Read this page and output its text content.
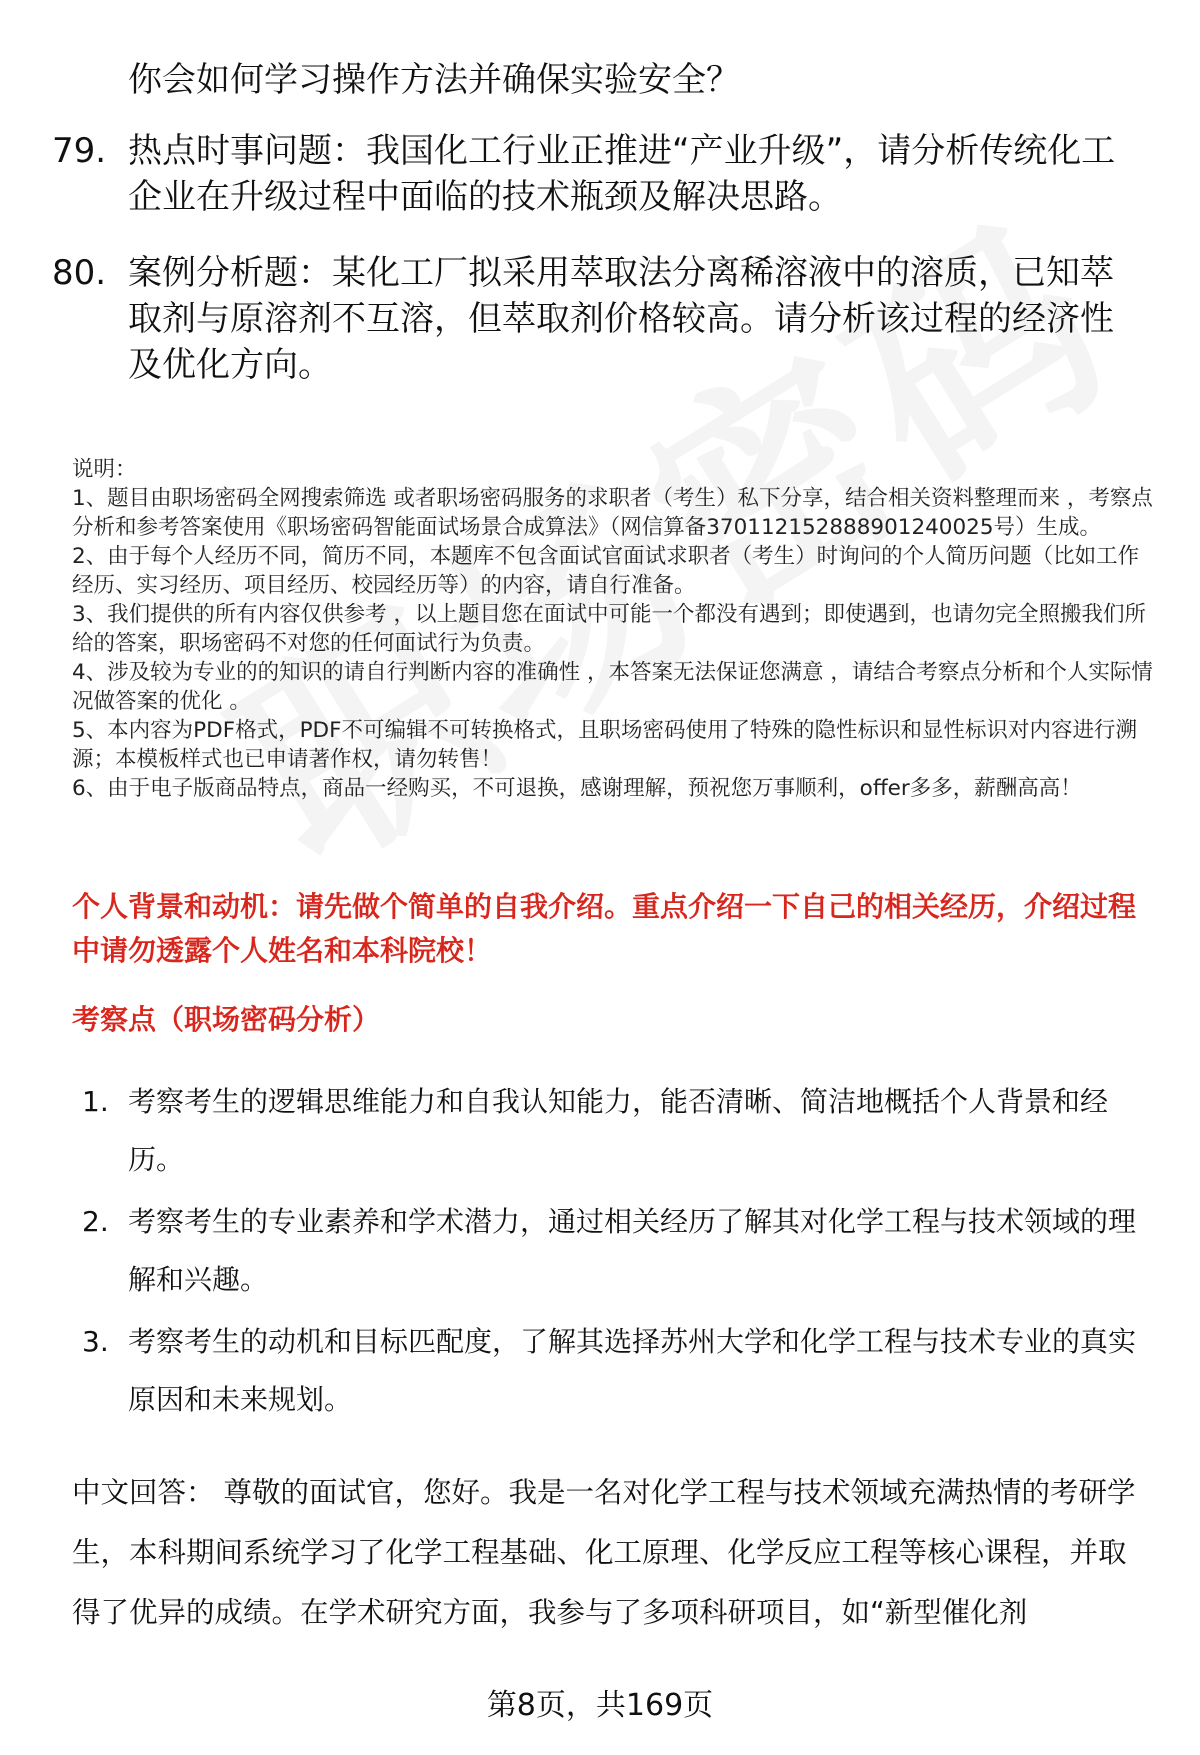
你会如何学习操作方法并确保实验安全？
79. 热点时事问题：我国化工行业正推进“产业升级”，请分析传统化工企业在升级过程中面临的技术瓶颈及解决思路。
80. 案例分析题：某化工厂拟采用萃取法分离稀溶液中的溶质，已知萃取剂与原溶剂不互溶，但萃取剂价格较高。请分析该过程的经济性及优化方向。

说明：

1、题目由职场密码全网搜索筛选 或者职场密码服务的求职者（考生）私下分享，结合相关资料整理而来 ，考察点分析和参考答案使用《职场密码智能面试场景合成算法》（网信算备370112152888901240025号）生成。

2、由于每个人经历不同，简历不同，本题库不包含面试官面试求职者（考生）时询问的个人简历问题（比如工作经历、实习经历、项目经历、校园经历等）的内容，请自行准备。

3、我们提供的所有内容仅供参考 ，以上题目您在面试中可能一个都没有遇到；即使遇到，也请勿完全照搬我们所给的答案，职场密码不对您的任何面试行为负责。

4、涉及较为专业的的知识的请自行判断内容的准确性 ，本答案无法保证您满意 ，请结合考察点分析和个人实际情况做答案的优化 。

5、本内容为PDF格式，PDF不可编辑不可转换格式，且职场密码使用了特殊的隐性标识和显性标识对内容进行溯源；本模板样式也已申请著作权，请勿转售！

6、由于电子版商品特点，商品一经购买，不可退换，感谢理解，预祝您万事顺利，offer多多，薪酬高高！

个人背景和动机：请先做个简单的自我介绍。重点介绍一下自己的相关经历，介绍过程中请勿透露个人姓名和本科院校！
考察点（职场密码分析）
1. 考察考生的逻辑思维能力和自我认知能力，能否清晰、简洁地概括个人背景和经历。
2. 考察考生的专业素养和学术潜力，通过相关经历了解其对化学工程与技术领域的理解和兴趣。
3. 考察考生的动机和目标匹配度，了解其选择苏州大学和化学工程与技术专业的真实原因和未来规划。
中文回答： 尊敬的面试官，您好。我是一名对化学工程与技术领域充满热情的考研学生，本科期间系统学习了化学工程基础、化工原理、化学反应工程等核心课程，并取得了优异的成绩。在学术研究方面，我参与了多项科研项目，如“新型催化剂
第8页，共169页
